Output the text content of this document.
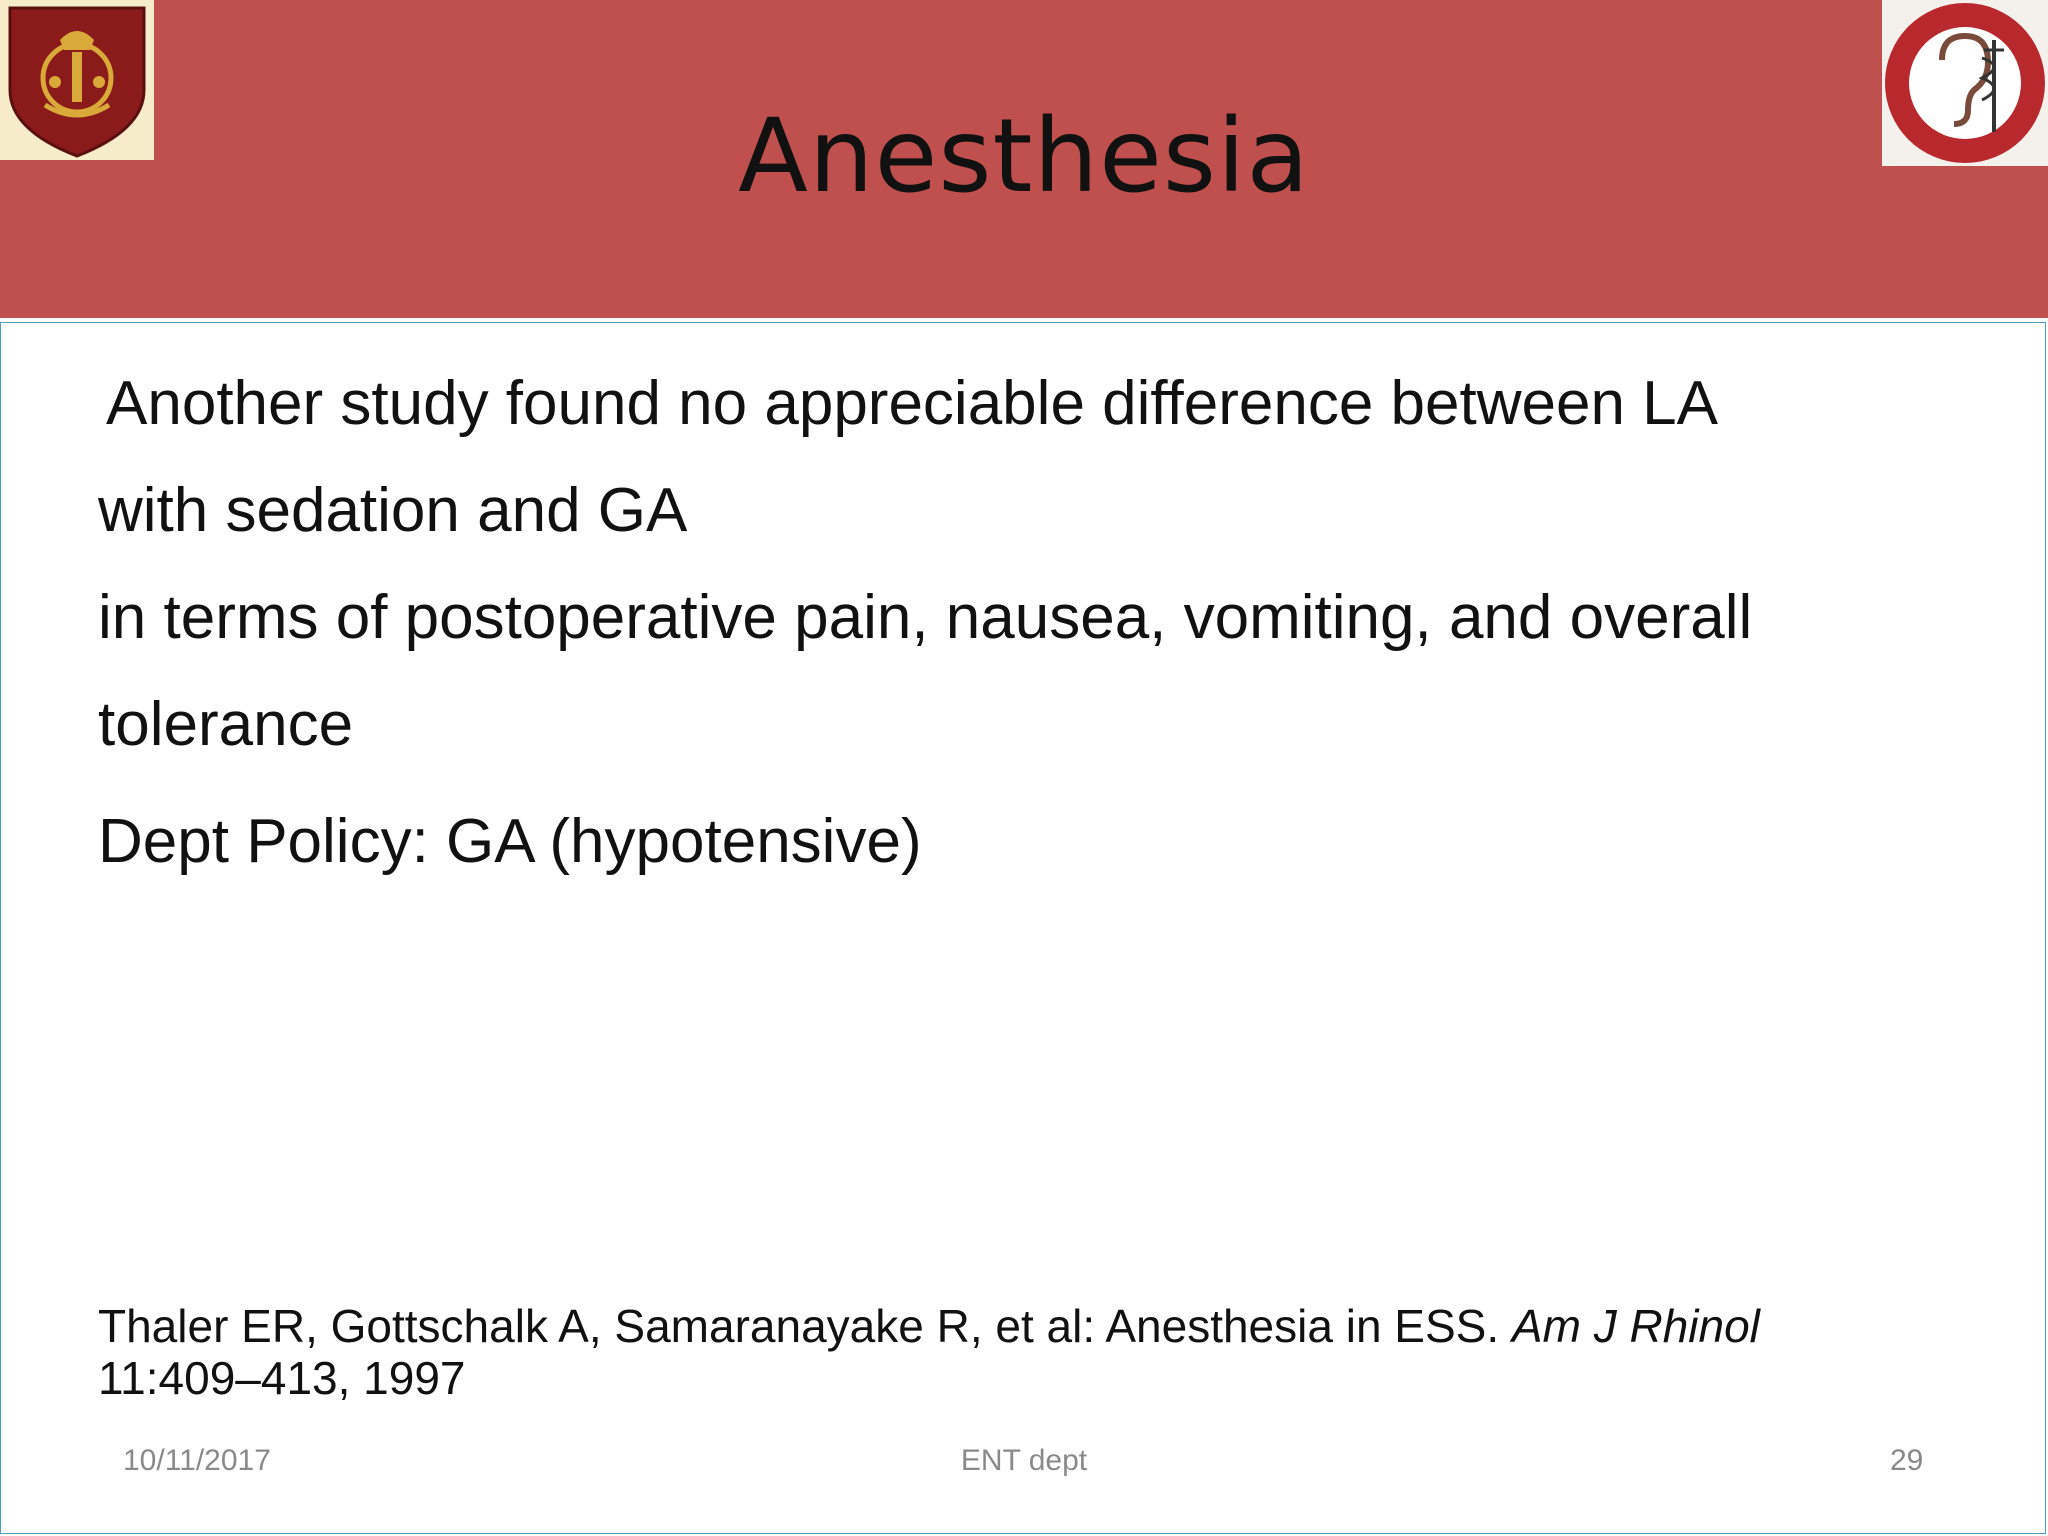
Anesthesia

Another study found no appreciable difference between LA

with sedation and GA

in terms of postoperative pain, nausea, vomiting, and overall

tolerance

Dept Policy: GA (hypotensive)
Thaler ER, Gottschalk A, Samaranayake R, et al: Anesthesia in ESS. Am J Rhinol
11:409–413, 1997
10/11/2017	ENT dept	29
